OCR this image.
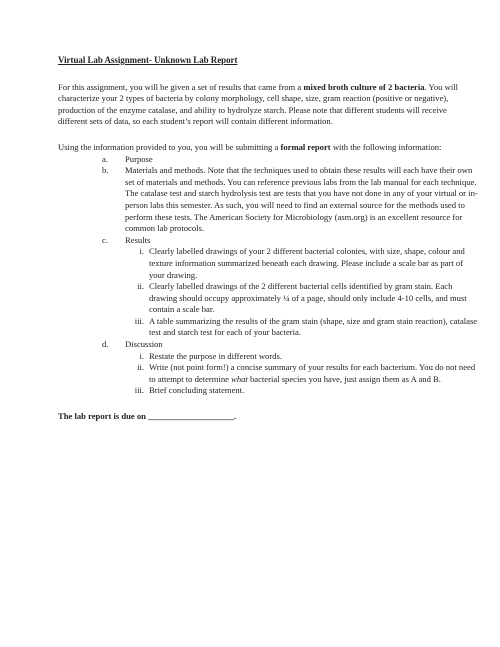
Virtual Lab Assignment- Unknown Lab Report

For this assignment, you will be given a set of results that came from a mixed broth culture of 2 bacteria. You will characterize your 2 types of bacteria by colony morphology, cell shape, size, gram reaction (positive or negative), production of the enzyme catalase, and ability to hydrolyze starch. Please note that different students will receive different sets of data, so each student’s report will contain different information.

Using the information provided to you, you will be submitting a formal report with the following information:

a. Purpose
b. Materials and methods. Note that the techniques used to obtain these results will each have their own set of materials and methods. You can reference previous labs from the lab manual for each technique. The catalase test and starch hydrolysis test are tests that you have not done in any of your virtual or in-person labs this semester. As such, you will need to find an external source for the methods used to perform these tests. The American Society for Microbiology (asm.org) is an excellent resource for common lab protocols.
c. Results
i. Clearly labelled drawings of your 2 different bacterial colonies, with size, shape, colour and texture information summarized beneath each drawing. Please include a scale bar as part of your drawing.
ii. Clearly labelled drawings of the 2 different bacterial cells identified by gram stain. Each drawing should occupy approximately ¼ of a page, should only include 4-10 cells, and must contain a scale bar.
iii. A table summarizing the results of the gram stain (shape, size and gram stain reaction), catalase test and starch test for each of your bacteria.
d. Discussion
i. Restate the purpose in different words.
ii. Write (not point form!) a concise summary of your results for each bacterium. You do not need to attempt to determine what bacterial species you have, just assign them as A and B.
iii. Brief concluding statement.

The lab report is due on ____________________.
